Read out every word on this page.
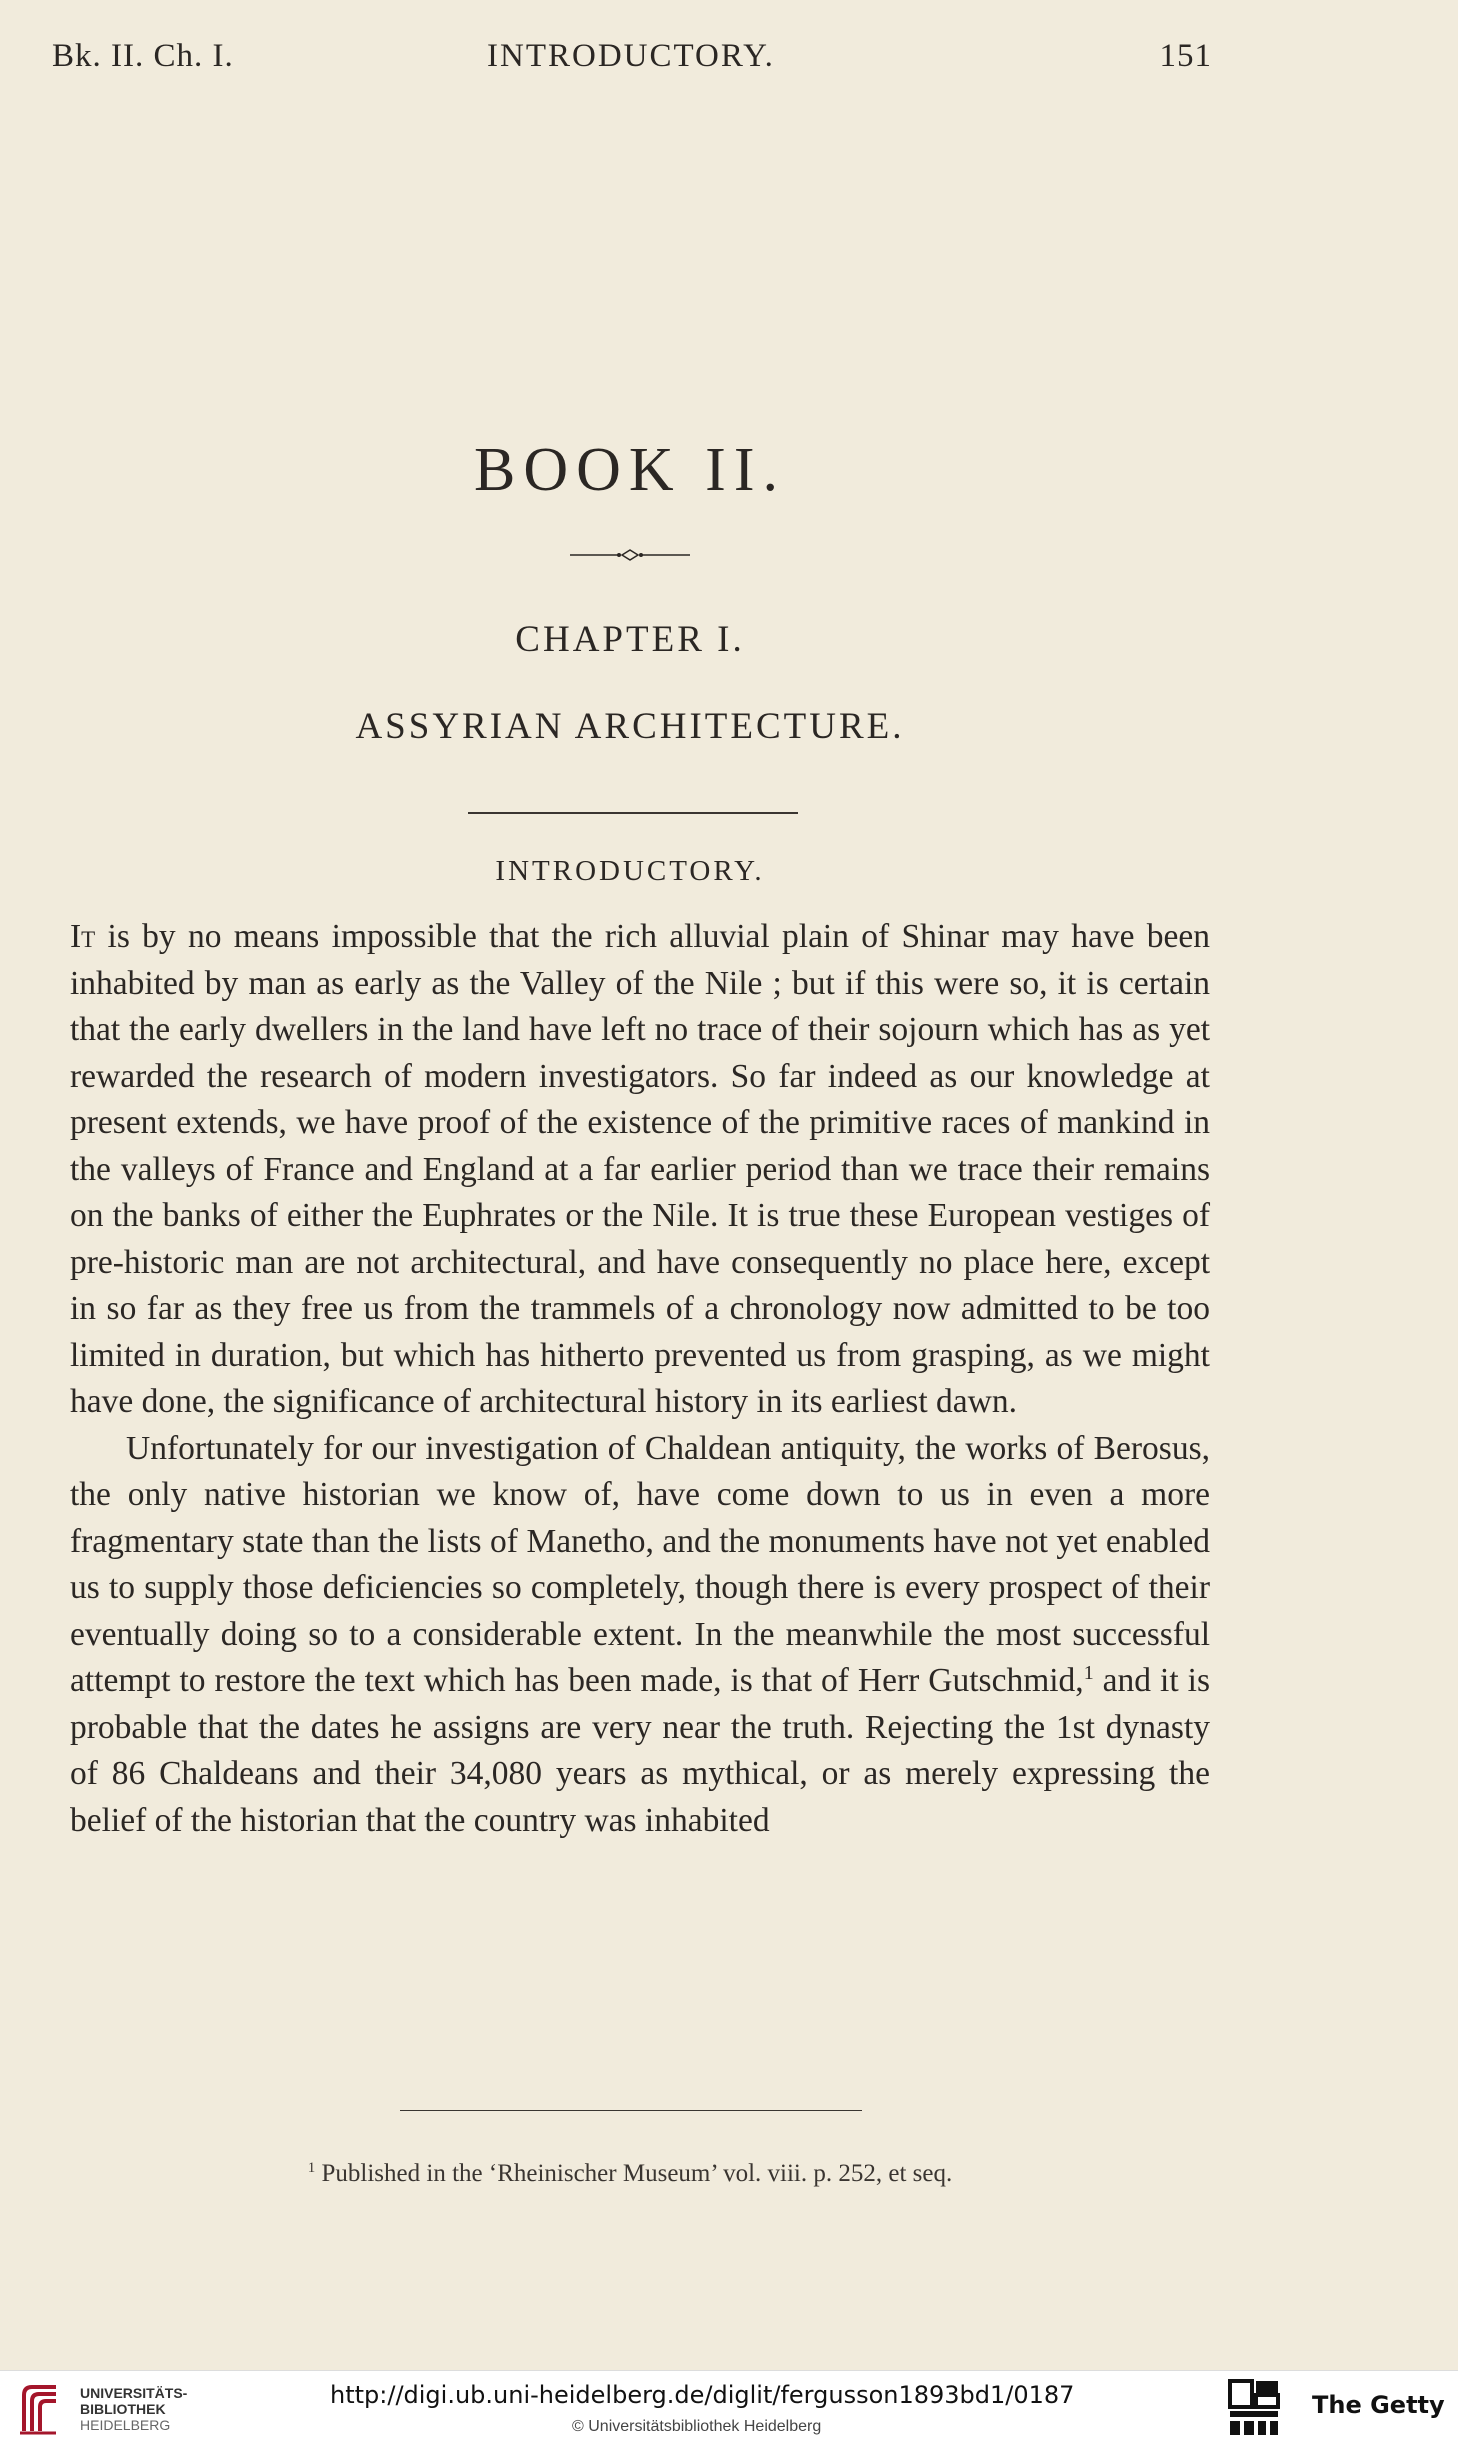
Bk. II. Ch. I.	INTRODUCTORY.	151
BOOK II.
CHAPTER I.
ASSYRIAN ARCHITECTURE.
INTRODUCTORY.

It is by no means impossible that the rich alluvial plain of Shinar may have been inhabited by man as early as the Valley of the Nile ; but if this were so, it is certain that the early dwellers in the land have left no trace of their sojourn which has as yet rewarded the research of modern investigators. So far indeed as our knowledge at present extends, we have proof of the existence of the primitive races of mankind in the valleys of France and England at a far earlier period than we trace their remains on the banks of either the Euphrates or the Nile. It is true these European vestiges of pre-historic man are not architectural, and have consequently no place here, except in so far as they free us from the trammels of a chronology now admitted to be too limited in duration, but which has hitherto prevented us from grasping, as we might have done, the significance of architectural history in its earliest dawn.

Unfortunately for our investigation of Chaldean antiquity, the works of Berosus, the only native historian we know of, have come down to us in even a more fragmentary state than the lists of Manetho, and the monuments have not yet enabled us to supply those deficiencies so completely, though there is every prospect of their eventually doing so to a considerable extent. In the meanwhile the most successful attempt to restore the text which has been made, is that of Herr Gutschmid,$^1$ and it is probable that the dates he assigns are very near the truth. Rejecting the 1st dynasty of 86 Chaldeans and their 34,080 years as mythical, or as merely expressing the belief of the historian that the country was inhabited

$^1$ Published in the ‘Rheinischer Museum’ vol. viii. p. 252, et seq.
UNIVERSITÄTS-
BIBLIOTHEK
HEIDELBERG
http://digi.ub.uni-heidelberg.de/diglit/fergusson1893bd1/0187
© Universitätsbibliothek Heidelberg
The Getty
